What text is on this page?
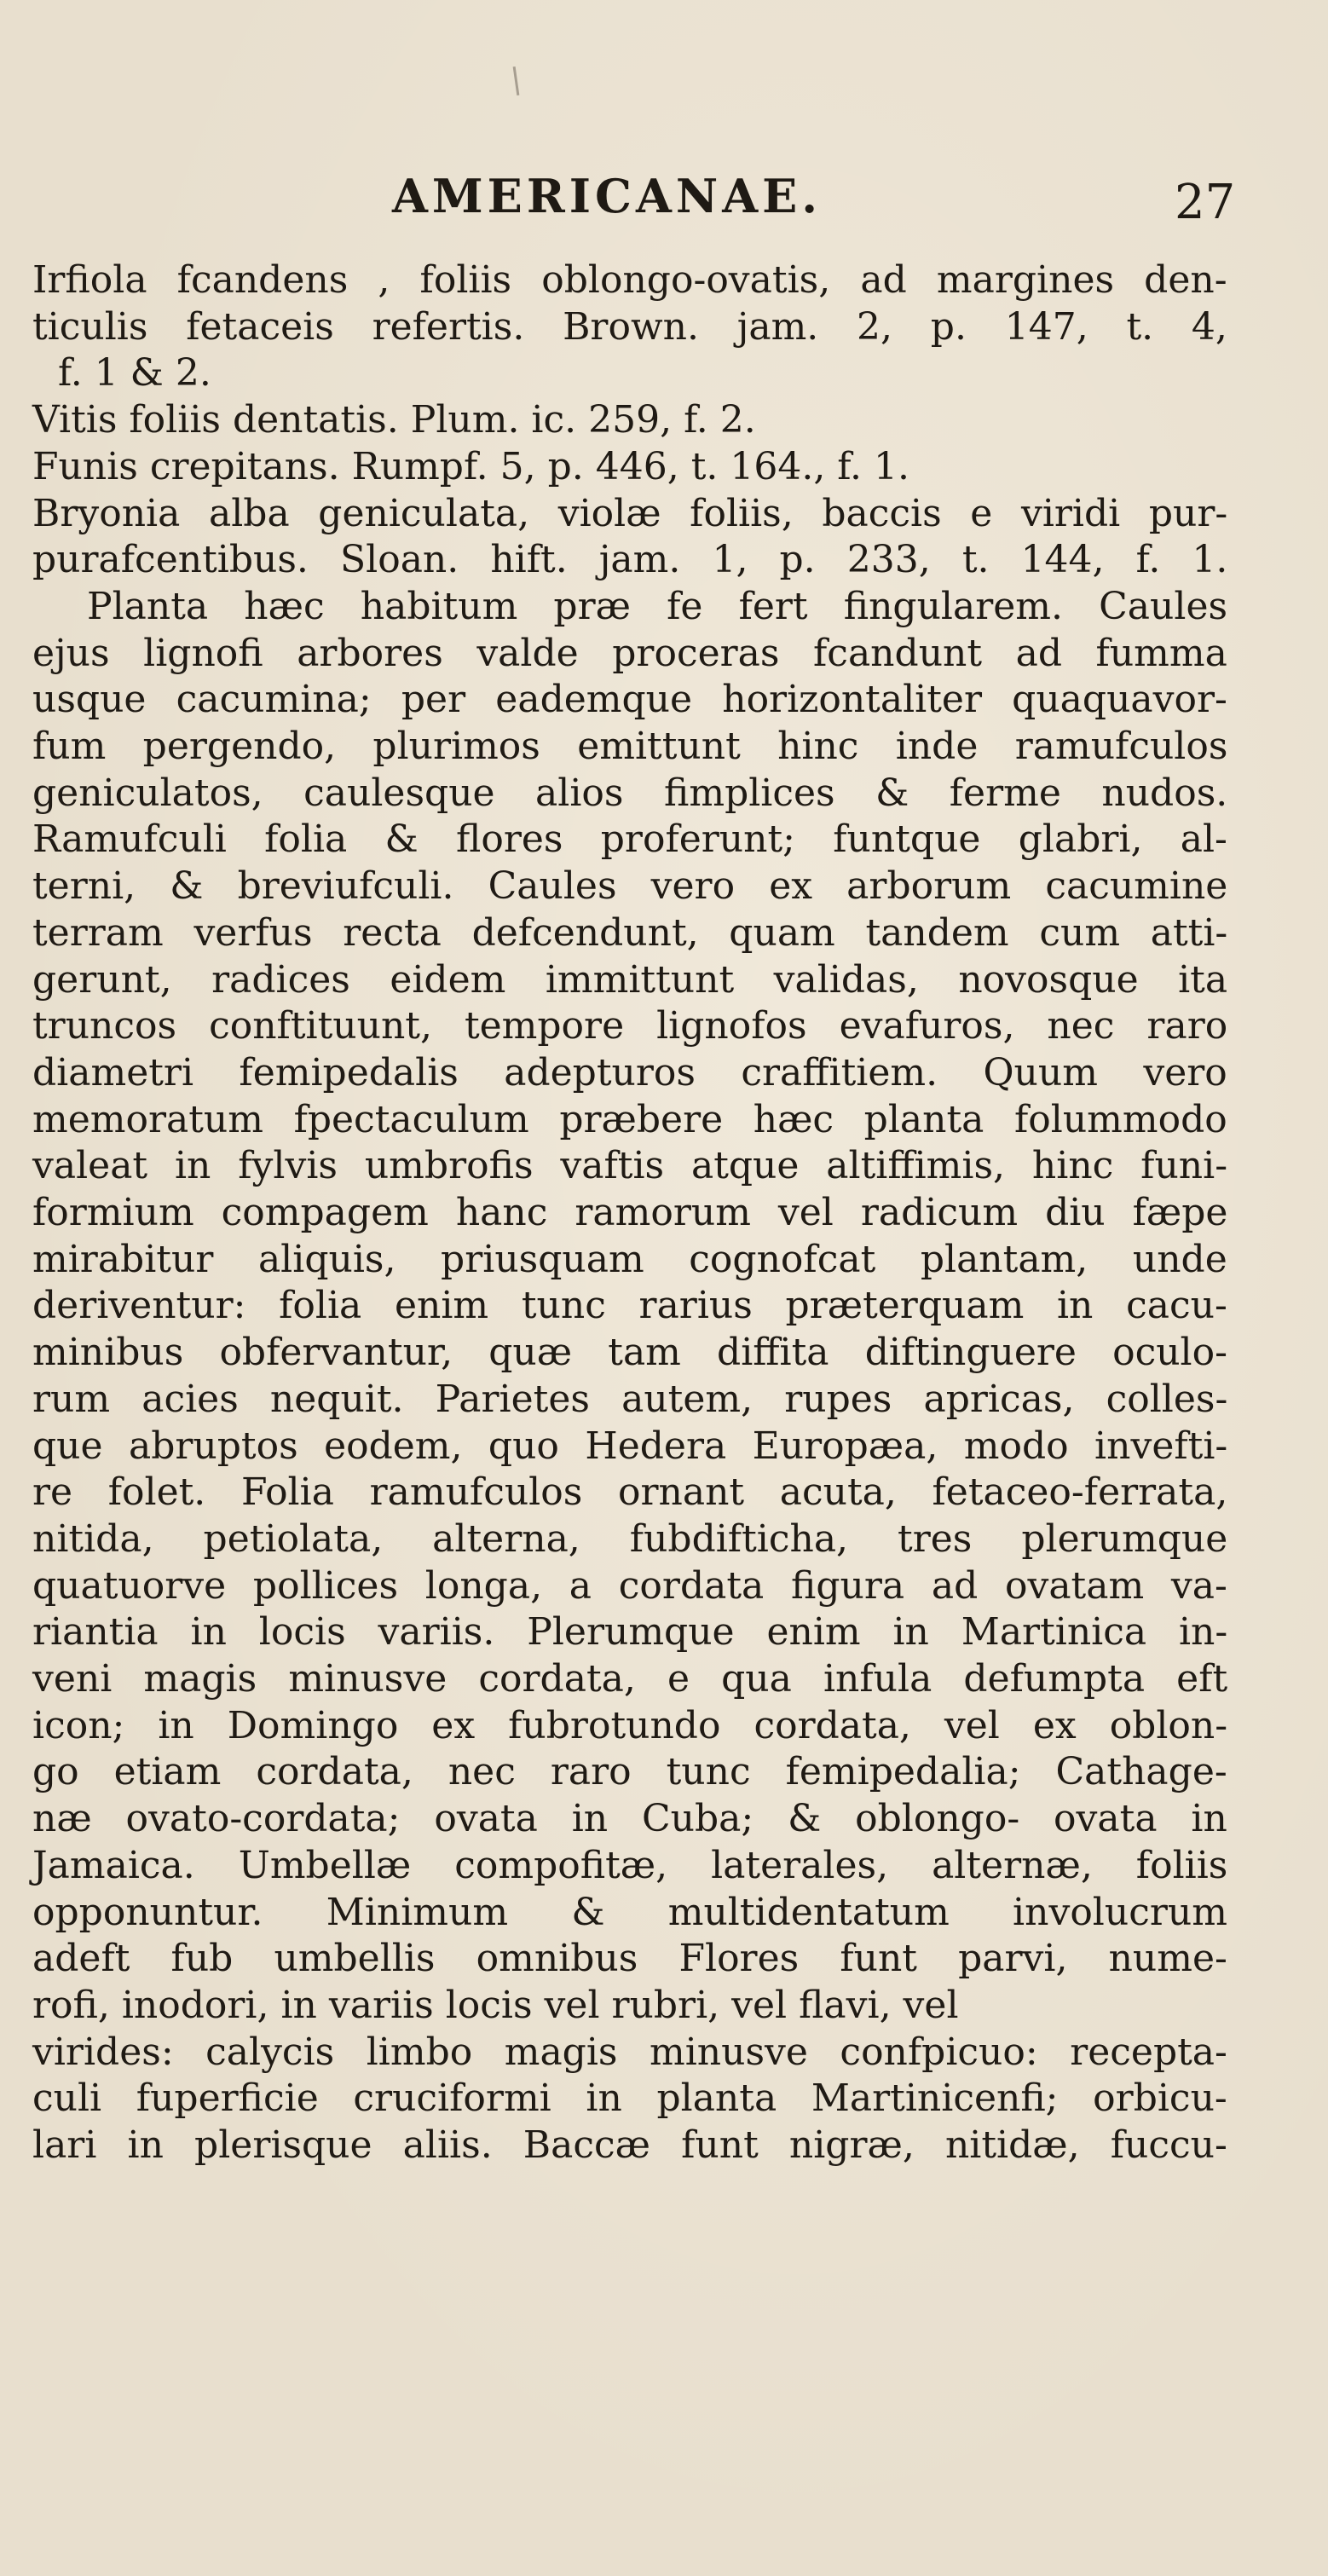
AMERICANAE.	27
Irfiola fcandens , foliis oblongo-ovatis, ad margines den-
ticulis fetaceis refertis. Brown. jam. 2, p. 147, t. 4,
f. 1 & 2.
Vitis foliis dentatis. Plum. ic. 259, f. 2.
Funis crepitans. Rumpf. 5, p. 446, t. 164., f. 1.
Bryonia alba geniculata, violæ foliis, baccis e viridi pur-
purafcentibus. Sloan. hift. jam. 1, p. 233, t. 144, f. 1.
Planta hæc habitum præ fe fert fingularem. Caules
ejus lignofi arbores valde proceras fcandunt ad fumma
usque cacumina; per eademque horizontaliter quaquavor-
fum pergendo, plurimos emittunt hinc inde ramufculos
geniculatos, caulesque alios fimplices & ferme nudos.
Ramufculi folia & flores proferunt; funtque glabri, al-
terni, & breviufculi. Caules vero ex arborum cacumine
terram verfus recta defcendunt, quam tandem cum atti-
gerunt, radices eidem immittunt validas, novosque ita
truncos conftituunt, tempore lignofos evafuros, nec raro
diametri femipedalis adepturos craffitiem. Quum vero
memoratum fpectaculum præbere hæc planta folummodo
valeat in fylvis umbrofis vaftis atque altiffimis, hinc funi-
formium compagem hanc ramorum vel radicum diu fæpe
mirabitur aliquis, priusquam cognofcat plantam, unde
deriventur: folia enim tunc rarius præterquam in cacu-
minibus obfervantur, quæ tam diffita diftinguere oculo-
rum acies nequit. Parietes autem, rupes apricas, colles-
que abruptos eodem, quo Hedera Europæa, modo invefti-
re folet. Folia ramufculos ornant acuta, fetaceo-ferrata,
nitida, petiolata, alterna, fubdifticha, tres plerumque
quatuorve pollices longa, a cordata figura ad ovatam va-
riantia in locis variis. Plerumque enim in Martinica in-
veni magis minusve cordata, e qua infula defumpta eft
icon; in Domingo ex fubrotundo cordata, vel ex oblon-
go etiam cordata, nec raro tunc femipedalia; Cathage-
næ ovato-cordata; ovata in Cuba; & oblongo- ovata in
Jamaica. Umbellæ compofitæ, laterales, alternæ, foliis
opponuntur. Minimum & multidentatum involucrum
adeft fub umbellis omnibus Flores funt parvi, nume-
rofi, inodori, in variis locis vel rubri, vel flavi, vel
virides: calycis limbo magis minusve confpicuo: recepta-
culi fuperficie cruciformi in planta Martinicenfi; orbicu-
lari in plerisque aliis. Baccæ funt nigræ, nitidæ, fuccu-
